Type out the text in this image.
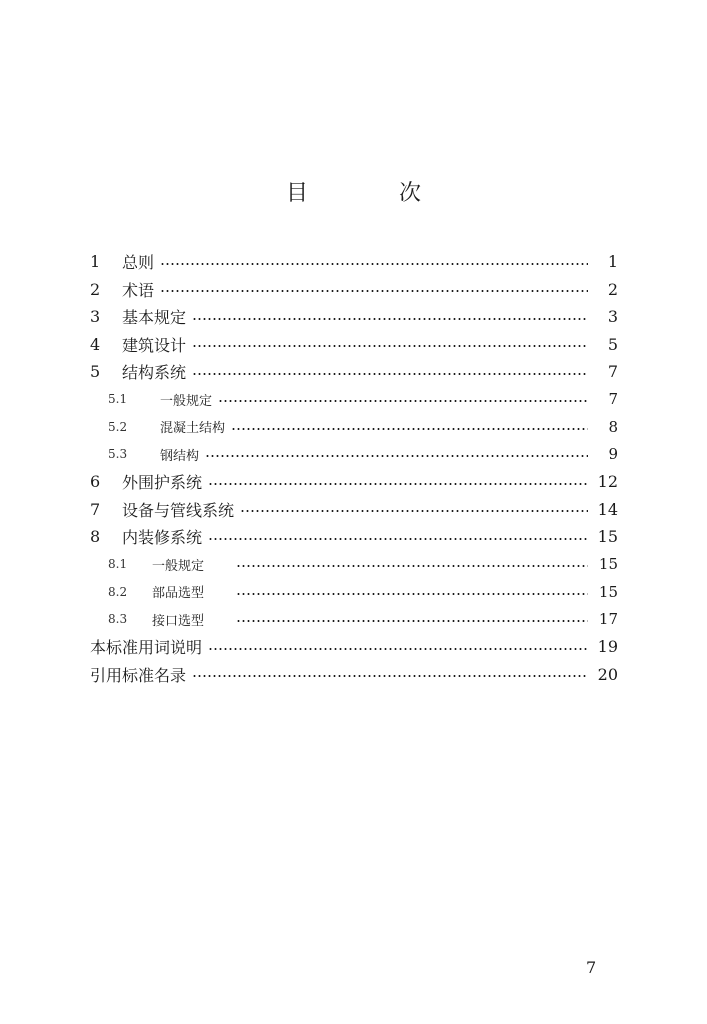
目 次
1	总则	1
2	术语	2
3	基本规定	3
4	建筑设计	5
5	结构系统	7
5.1	一般规定	7
5.2	混凝土结构	8
5.3	钢结构	9
6	外围护系统	12
7	设备与管线系统	14
8	内装修系统	15
8.1	一般规定	15
8.2	部品选型	15
8.3	接口选型	17
本标准用词说明	19
引用标准名录	20
7
